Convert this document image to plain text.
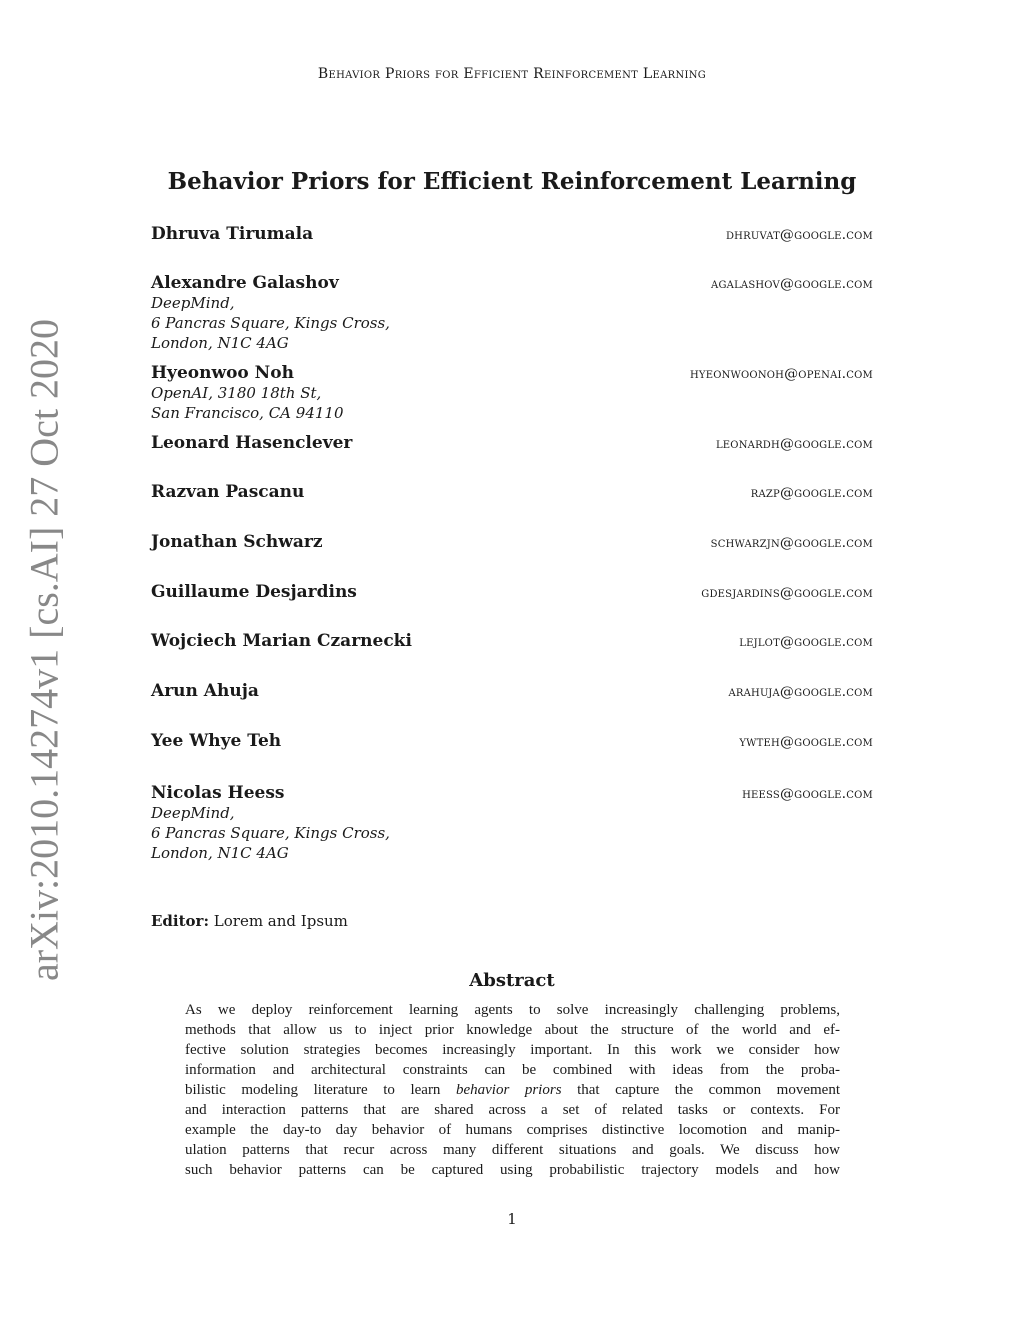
Behavior Priors for Efficient Reinforcement Learning
arXiv:2010.14274v1 [cs.AI] 27 Oct 2020
Behavior Priors for Efficient Reinforcement Learning
Dhruva Tirumala	dhruvat@google.com
Alexandre Galashov	agalashov@google.com
DeepMind,
6 Pancras Square, Kings Cross,
London, N1C 4AG
Hyeonwoo Noh	hyeonwoonoh@openai.com
OpenAI, 3180 18th St,
San Francisco, CA 94110
Leonard Hasenclever	leonardh@google.com
Razvan Pascanu	razp@google.com
Jonathan Schwarz	schwarzjn@google.com
Guillaume Desjardins	gdesjardins@google.com
Wojciech Marian Czarnecki	lejlot@google.com
Arun Ahuja	arahuja@google.com
Yee Whye Teh	ywteh@google.com
Nicolas Heess	heess@google.com
DeepMind,
6 Pancras Square, Kings Cross,
London, N1C 4AG
Editor: Lorem and Ipsum
Abstract
As we deploy reinforcement learning agents to solve increasingly challenging problems,
methods that allow us to inject prior knowledge about the structure of the world and ef-
fective solution strategies becomes increasingly important. In this work we consider how
information and architectural constraints can be combined with ideas from the proba-
bilistic modeling literature to learn behavior priors that capture the common movement
and interaction patterns that are shared across a set of related tasks or contexts. For
example the day-to day behavior of humans comprises distinctive locomotion and manip-
ulation patterns that recur across many different situations and goals. We discuss how
such behavior patterns can be captured using probabilistic trajectory models and how
1
